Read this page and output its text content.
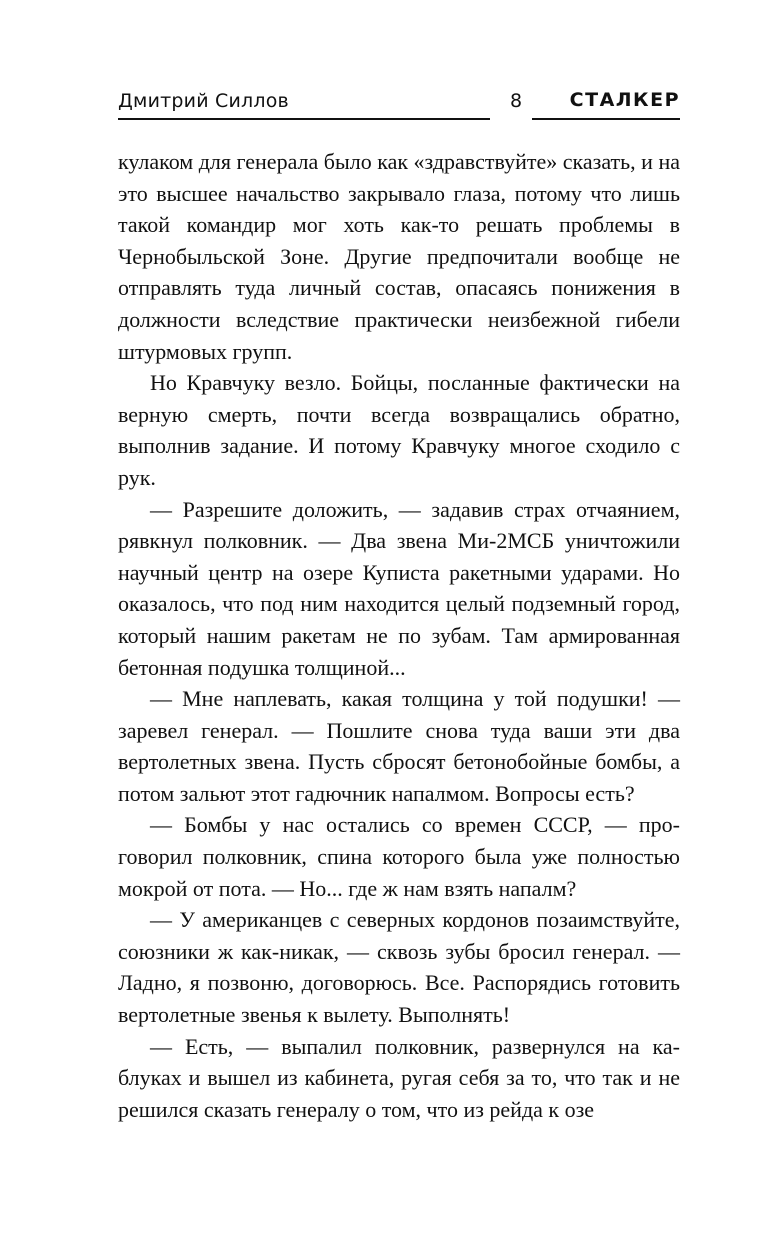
Дмитрий Силлов	8	СТАЛКЕР

кулаком для генерала было как «здравствуйте» сказать, и на это высшее начальство закрывало глаза, потому что лишь такой командир мог хоть как-то решать проблемы в Чернобыльской Зоне. Другие предпочитали вообще не отправлять туда личный состав, опасаясь понижения в должности вследствие практически неизбежной гибели штурмовых групп.

Но Кравчуку везло. Бойцы, посланные фактически на верную смерть, почти всегда возвращались обратно, выполнив задание. И потому Кравчуку многое сходило с рук.

— Разрешите доложить, — задавив страх отчаянием, рявкнул полковник. — Два звена Ми-2МСБ уничтожили научный центр на озере Куписта ракетными ударами. Но оказалось, что под ним находится целый подземный город, который нашим ракетам не по зубам. Там армированная бетонная подушка толщиной...

— Мне наплевать, какая толщина у той подушки! — заревел генерал. — Пошлите снова туда ваши эти два вертолетных звена. Пусть сбросят бетонобойные бомбы, а потом зальют этот гадючник напалмом. Вопросы есть?

— Бомбы у нас остались со времен СССР, — проговорил полковник, спина которого была уже полностью мокрой от пота. — Но... где ж нам взять напалм?

— У американцев с северных кордонов позаимствуйте, союзники ж как-никак, — сквозь зубы бросил генерал. — Ладно, я позвоню, договорюсь. Все. Распорядись готовить вертолетные звенья к вылету. Выполнять!

— Есть, — выпалил полковник, развернулся на каблуках и вышел из кабинета, ругая себя за то, что так и не решился сказать генералу о том, что из рейда к озе
